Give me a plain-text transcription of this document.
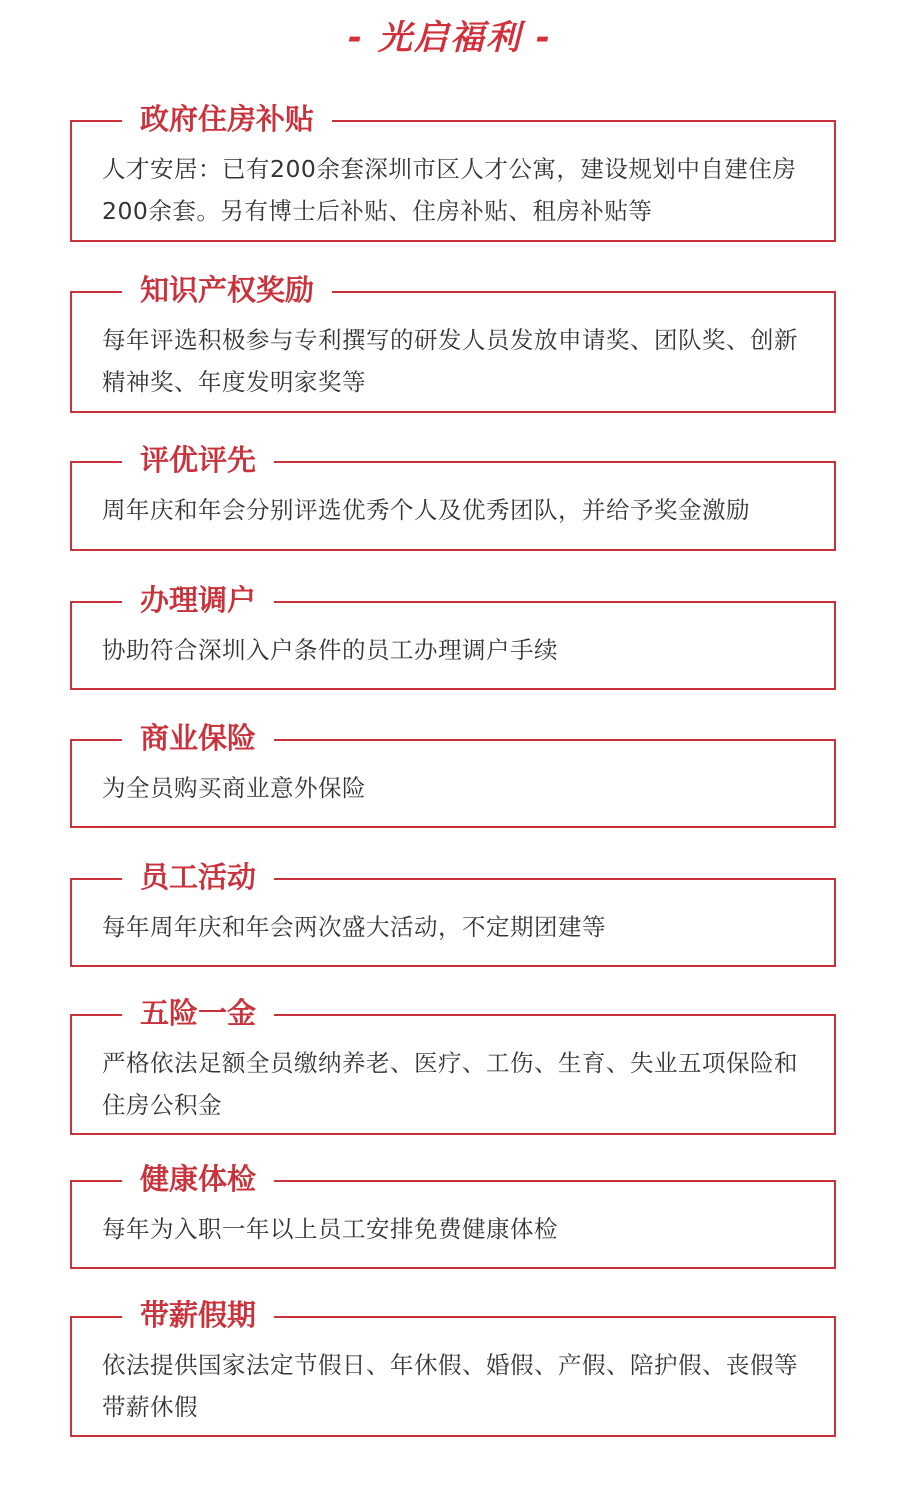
- 光启福利 -
政府住房补贴
人才安居：已有200余套深圳市区人才公寓，建设规划中自建住房200余套。另有博士后补贴、住房补贴、租房补贴等
知识产权奖励
每年评选积极参与专利撰写的研发人员发放申请奖、团队奖、创新精神奖、年度发明家奖等
评优评先
周年庆和年会分别评选优秀个人及优秀团队，并给予奖金激励
办理调户
协助符合深圳入户条件的员工办理调户手续
商业保险
为全员购买商业意外保险
员工活动
每年周年庆和年会两次盛大活动，不定期团建等
五险一金
严格依法足额全员缴纳养老、医疗、工伤、生育、失业五项保险和住房公积金
健康体检
每年为入职一年以上员工安排免费健康体检
带薪假期
依法提供国家法定节假日、年休假、婚假、产假、陪护假、丧假等带薪休假
